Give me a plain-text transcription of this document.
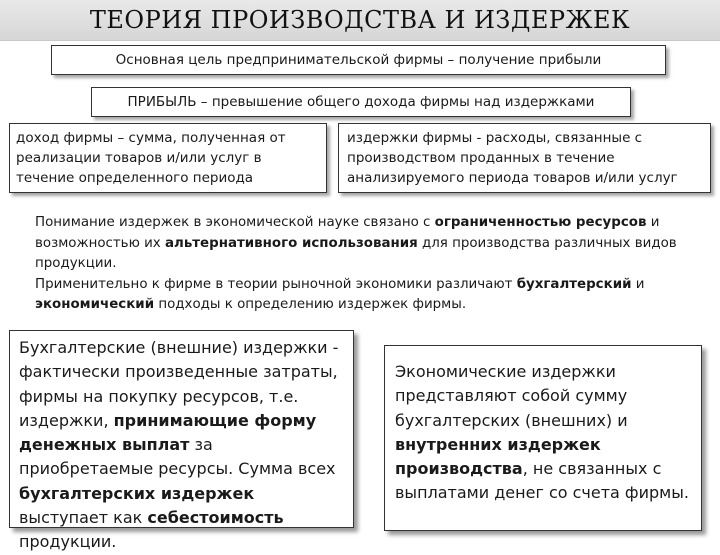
ТЕОРИЯ ПРОИЗВОДСТВА И ИЗДЕРЖЕК
Основная цель предпринимательской фирмы – получение прибыли
ПРИБЫЛЬ – превышение общего дохода фирмы над издержками
доход фирмы – сумма, полученная от реализации товаров и/или услуг в течение определенного периода
издержки фирмы - расходы, связанные с производством проданных в течение анализируемого периода товаров и/или услуг

Понимание издержек в экономической науке связано с ограниченностью ресурсов и возможностью их альтернативного использования для производства различных видов продукции.

Применительно к фирме в теории рыночной экономики различают бухгалтерский и экономический подходы к определению издержек фирмы.

Бухгалтерские (внешние) издержки - фактически произведенные затраты, фирмы на покупку ресурсов, т.е. издержки, принимающие форму денежных выплат за приобретаемые ресурсы. Сумма всех бухгалтерских издержек выступает как себестоимость продукции.
Экономические издержки представляют собой сумму бухгалтерских (внешних) и внутренних издержек производства, не связанных с выплатами денег со счета фирмы.
